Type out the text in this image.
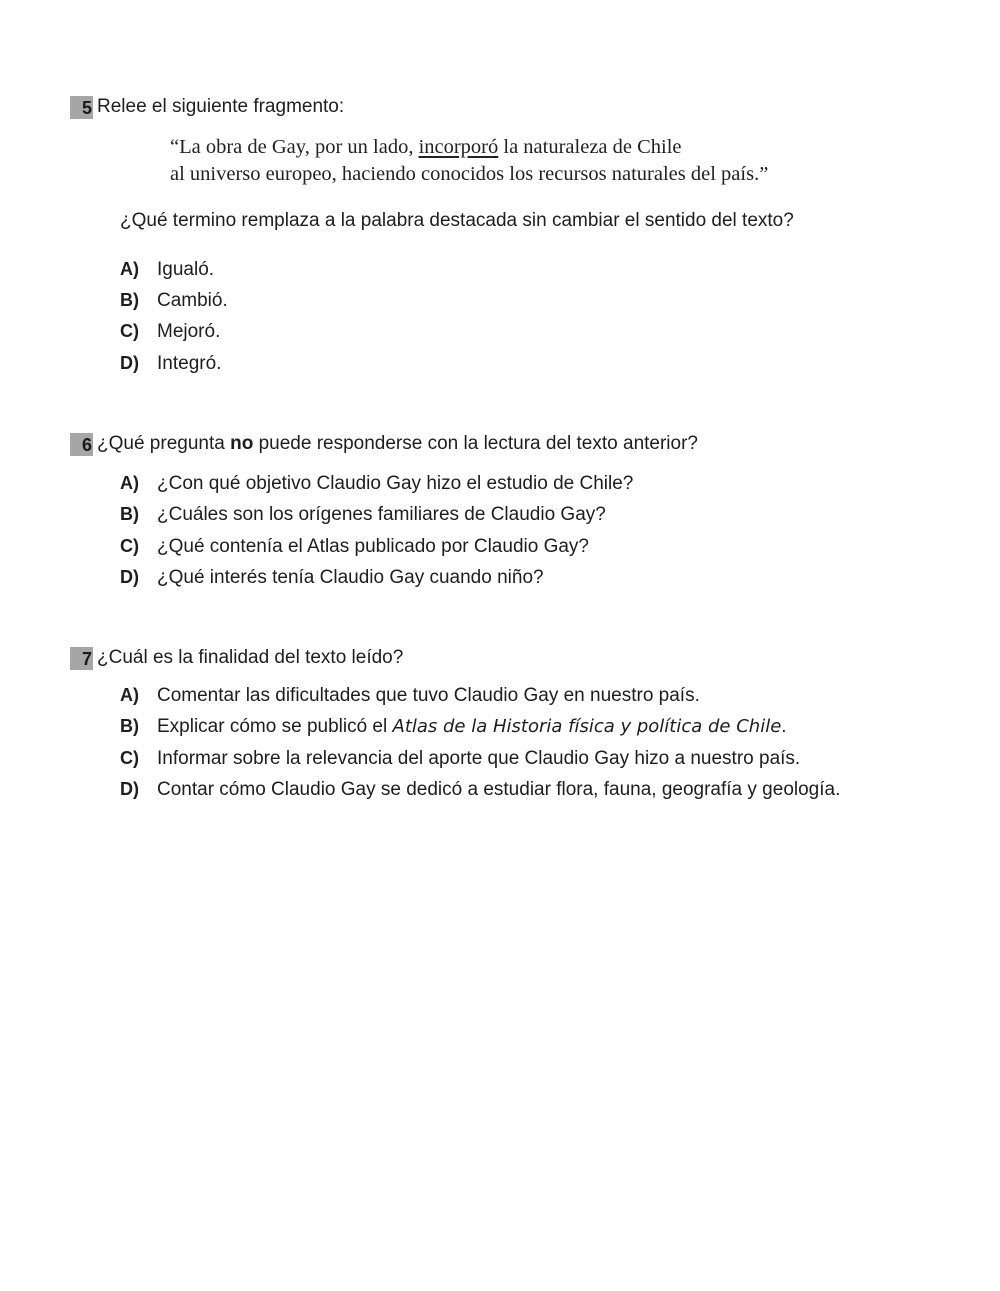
5 Relee el siguiente fragmento:
“La obra de Gay, por un lado, incorporó la naturaleza de Chile
al universo europeo, haciendo conocidos los recursos naturales del país.”
¿Qué termino remplaza a la palabra destacada sin cambiar el sentido del texto?
A) Igualó.
B) Cambió.
C) Mejoró.
D) Integró.
6 ¿Qué pregunta no puede responderse con la lectura del texto anterior?
A) ¿Con qué objetivo Claudio Gay hizo el estudio de Chile?
B) ¿Cuáles son los orígenes familiares de Claudio Gay?
C) ¿Qué contenía el Atlas publicado por Claudio Gay?
D) ¿Qué interés tenía Claudio Gay cuando niño?
7 ¿Cuál es la finalidad del texto leído?
A) Comentar las dificultades que tuvo Claudio Gay en nuestro país.
B) Explicar cómo se publicó el Atlas de la Historia física y política de Chile.
C) Informar sobre la relevancia del aporte que Claudio Gay hizo a nuestro país.
D) Contar cómo Claudio Gay se dedicó a estudiar flora, fauna, geografía y geología.
